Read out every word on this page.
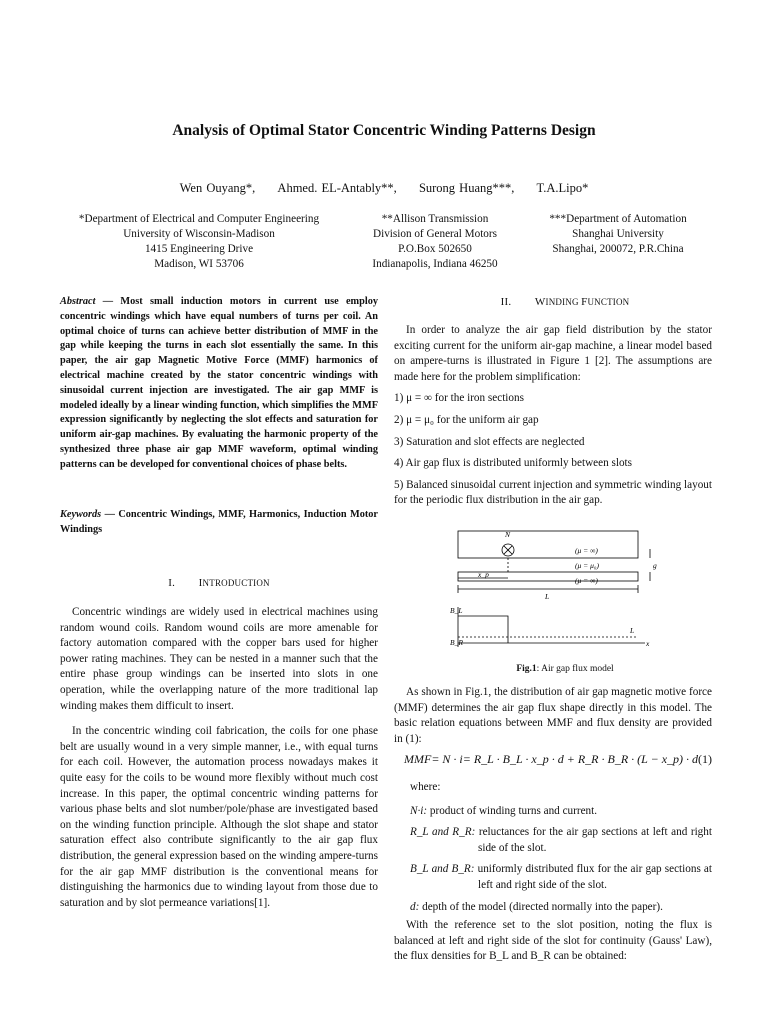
Analysis of Optimal Stator Concentric Winding Patterns Design
Wen Ouyang*, Ahmed. EL-Antably**, Surong Huang***, T.A.Lipo*
*Department of Electrical and Computer Engineering
University of Wisconsin-Madison
1415 Engineering Drive
Madison, WI 53706
**Allison Transmission
Division of General Motors
P.O.Box 502650
Indianapolis, Indiana 46250
***Department of Automation
Shanghai University
Shanghai, 200072, P.R.China
Abstract — Most small induction motors in current use employ concentric windings which have equal numbers of turns per coil. An optimal choice of turns can achieve better distribution of MMF in the gap while keeping the turns in each slot essentially the same. In this paper, the air gap Magnetic Motive Force (MMF) harmonics of electrical machine created by the stator concentric windings with sinusoidal current injection are investigated. The air gap MMF is modeled ideally by a linear winding function, which simplifies the MMF expression significantly by neglecting the slot effects and saturation for uniform air-gap machines. By evaluating the harmonic property of the synthesized three phase air gap MMF waveform, optimal winding patterns can be developed for conventional choices of phase belts.
Keywords — Concentric Windings, MMF, Harmonics, Induction Motor Windings
I. INTRODUCTION

Concentric windings are widely used in electrical machines using random wound coils. Random wound coils are more amenable for factory automation compared with the copper bars used for higher power rating machines. They can be nested in a manner such that the entire phase group windings can be inserted into slots in one operation, while the overlapping nature of the more traditional lap winding makes them difficult to insert.

In the concentric winding coil fabrication, the coils for one phase belt are usually wound in a very simple manner, i.e., with equal turns for each coil. However, the automation process nowadays makes it quite easy for the coils to be wound more flexibly without much cost increase. In this paper, the optimal concentric winding patterns for various phase belts and slot number/pole/phase are investigated based on the winding function principle. Although the slot shape and stator saturation effect also contribute significantly to the air gap flux distribution, the general expression based on the winding ampere-turns for the air gap MMF distribution is the conventional means for distinguishing the harmonics due to winding layout from those due to saturation and by slot permeance variations[1].

II. WINDING FUNCTION

In order to analyze the air gap field distribution by the stator exciting current for the uniform air-gap machine, a linear model based on ampere-turns is illustrated in Figure 1 [2]. The assumptions are made here for the problem simplification:

1) μ = ∞ for the iron sections

2) μ = μ₀ for the uniform air gap

3) Saturation and slot effects are neglected

4) Air gap flux is distributed uniformly between slots

5) Balanced sinusoidal current injection and symmetric winding layout for the periodic flux distribution in the air gap.

N
(μ = ∞)
(μ = μ₀)	g
(μ = ∞)
x_p
L
B_L
B_R
L
x
Fig.1: Air gap flux model

As shown in Fig.1, the distribution of air gap magnetic motive force (MMF) determines the air gap flux shape directly in this model. The basic relation equations between MMF and flux density are provided in (1):

MMF= N · i= R_L · B_L · x_p · d + R_R · B_R · (L − x_p) · d (1)

where:

N·i: product of winding turns and current.

R_L and R_R: reluctances for the air gap sections at left and right side of the slot.

B_L and B_R: uniformly distributed flux for the air gap sections at left and right side of the slot.

d: depth of the model (directed normally into the paper).

With the reference set to the slot position, noting the flux is balanced at left and right side of the slot for continuity (Gauss' Law), the flux densities for B_L and B_R can be obtained:
